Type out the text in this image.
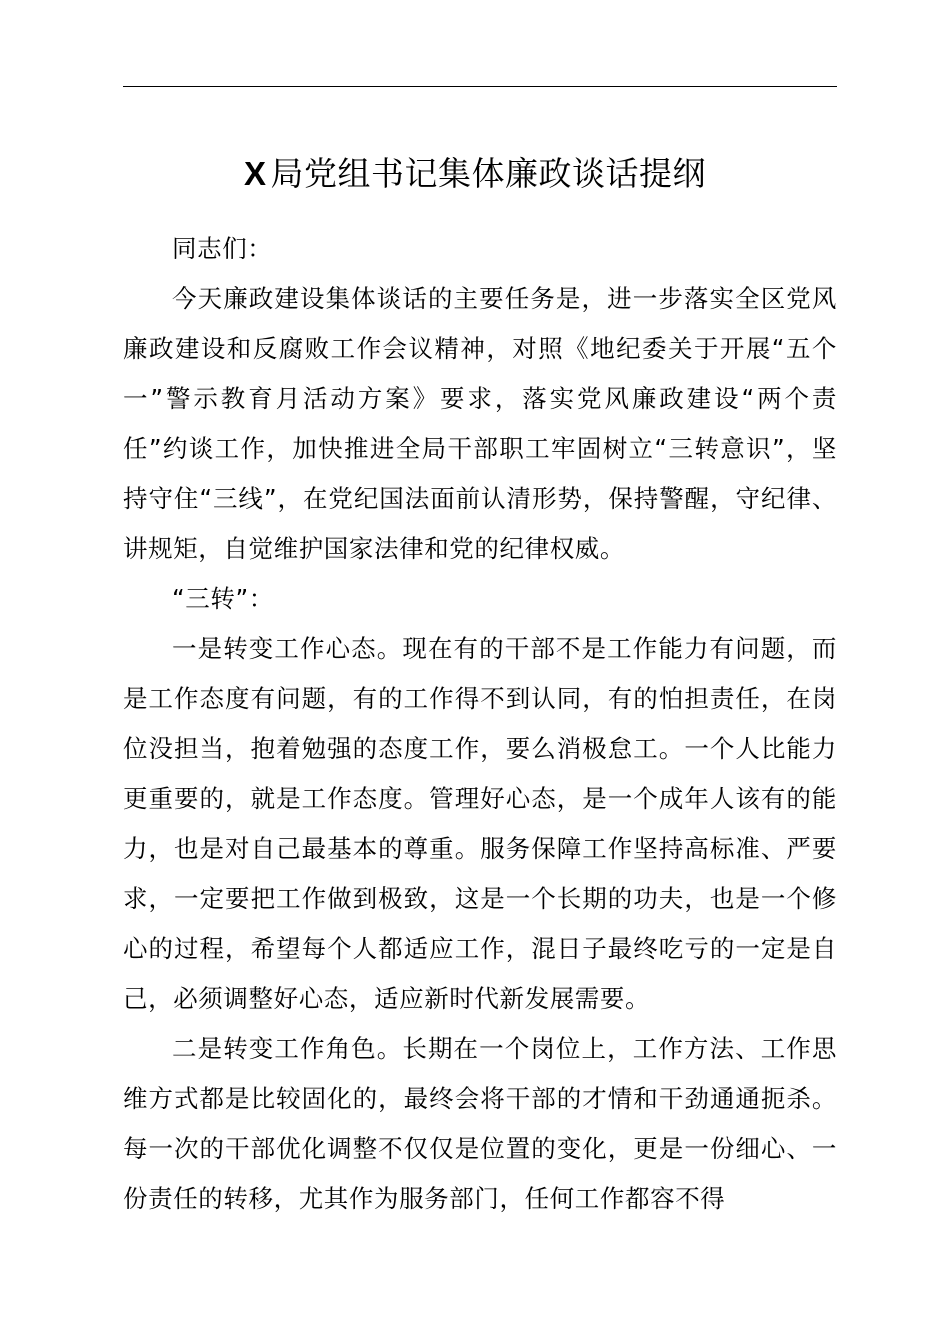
X 局党组书记集体廉政谈话提纲

同志们：

今天廉政建设集体谈话的主要任务是，进一步落实全区党风廉政建设和反腐败工作会议精神，对照《地纪委关于开展“五个一”警示教育月活动方案》要求，落实党风廉政建设“两个责任”约谈工作，加快推进全局干部职工牢固树立“三转意识”，坚持守住“三线”，在党纪国法面前认清形势，保持警醒，守纪律、讲规矩，自觉维护国家法律和党的纪律权威。

“三转”：

一是转变工作心态。现在有的干部不是工作能力有问题，而是工作态度有问题，有的工作得不到认同，有的怕担责任，在岗位没担当，抱着勉强的态度工作，要么消极怠工。一个人比能力更重要的，就是工作态度。管理好心态，是一个成年人该有的能力，也是对自己最基本的尊重。服务保障工作坚持高标准、严要求，一定要把工作做到极致，这是一个长期的功夫，也是一个修心的过程，希望每个人都适应工作，混日子最终吃亏的一定是自己，必须调整好心态，适应新时代新发展需要。

二是转变工作角色。长期在一个岗位上，工作方法、工作思维方式都是比较固化的，最终会将干部的才情和干劲通通扼杀。每一次的干部优化调整不仅仅是位置的变化，更是一份细心、一份责任的转移，尤其作为服务部门，任何工作都容不得
